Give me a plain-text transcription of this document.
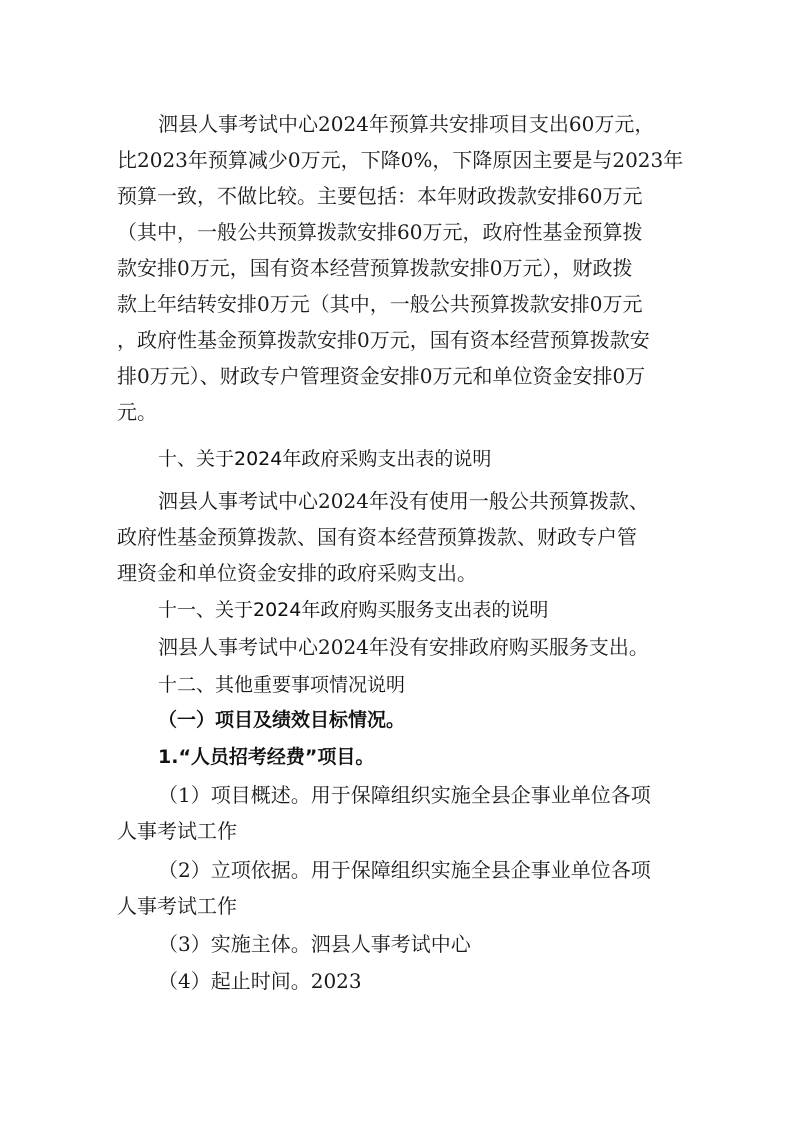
泗县人事考试中心2024年预算共安排项目支出60万元，
比2023年预算减少0万元，下降0%，下降原因主要是与2023年
预算一致，不做比较。主要包括：本年财政拨款安排60万元
（其中，一般公共预算拨款安排60万元，政府性基金预算拨
款安排0万元，国有资本经营预算拨款安排0万元），财政拨
款上年结转安排0万元（其中，一般公共预算拨款安排0万元
，政府性基金预算拨款安排0万元，国有资本经营预算拨款安
排0万元）、财政专户管理资金安排0万元和单位资金安排0万
元。
十、关于2024年政府采购支出表的说明
泗县人事考试中心2024年没有使用一般公共预算拨款、
政府性基金预算拨款、国有资本经营预算拨款、财政专户管
理资金和单位资金安排的政府采购支出。
十一、关于2024年政府购买服务支出表的说明
泗县人事考试中心2024年没有安排政府购买服务支出。
十二、其他重要事项情况说明
（一）项目及绩效目标情况。
1.“人员招考经费”项目。
（1）项目概述。用于保障组织实施全县企事业单位各项
人事考试工作
（2）立项依据。用于保障组织实施全县企事业单位各项
人事考试工作
（3）实施主体。泗县人事考试中心
（4）起止时间。2023
